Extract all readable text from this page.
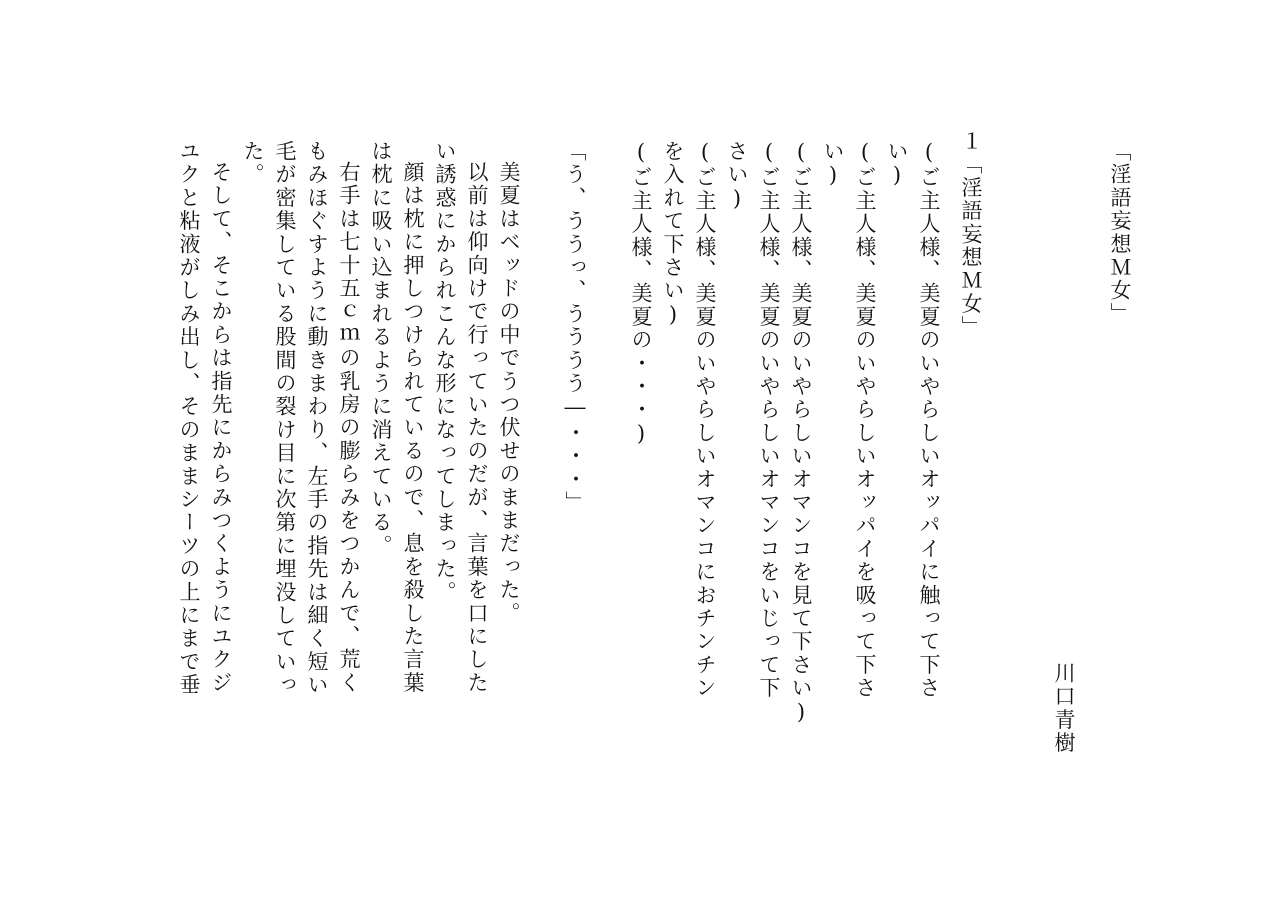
「淫語妄想Ｍ女」

川口青樹

１「淫語妄想Ｍ女」

(ご主人様、美夏のいやらしいオッパイに触って下さ

い)

(ご主人様、美夏のいやらしいオッパイを吸って下さ

い)

(ご主人様、美夏のいやらしいオマンコを見て下さい)

(ご主人様、美夏のいやらしいオマンコをいじって下

さい)

(ご主人様、美夏のいやらしいオマンコにおチンチン

を入れて下さい)

(ご主人様、美夏の・・・)

「う、ううっ、うううう―・・・」

美夏はベッドの中でうつ伏せのままだった。

以前は仰向けで行っていたのだが、言葉を口にした

い誘惑にかられこんな形になってしまった。

顔は枕に押しつけられているので、息を殺した言葉

は枕に吸い込まれるように消えている。

右手は七十五ｃｍの乳房の膨らみをつかんで、荒く

もみほぐすように動きまわり、左手の指先は細く短い

毛が密集している股間の裂け目に次第に埋没していっ

た。

そして、そこからは指先にからみつくようにユクジ

ユクと粘液がしみ出し、そのままシーツの上にまで垂
